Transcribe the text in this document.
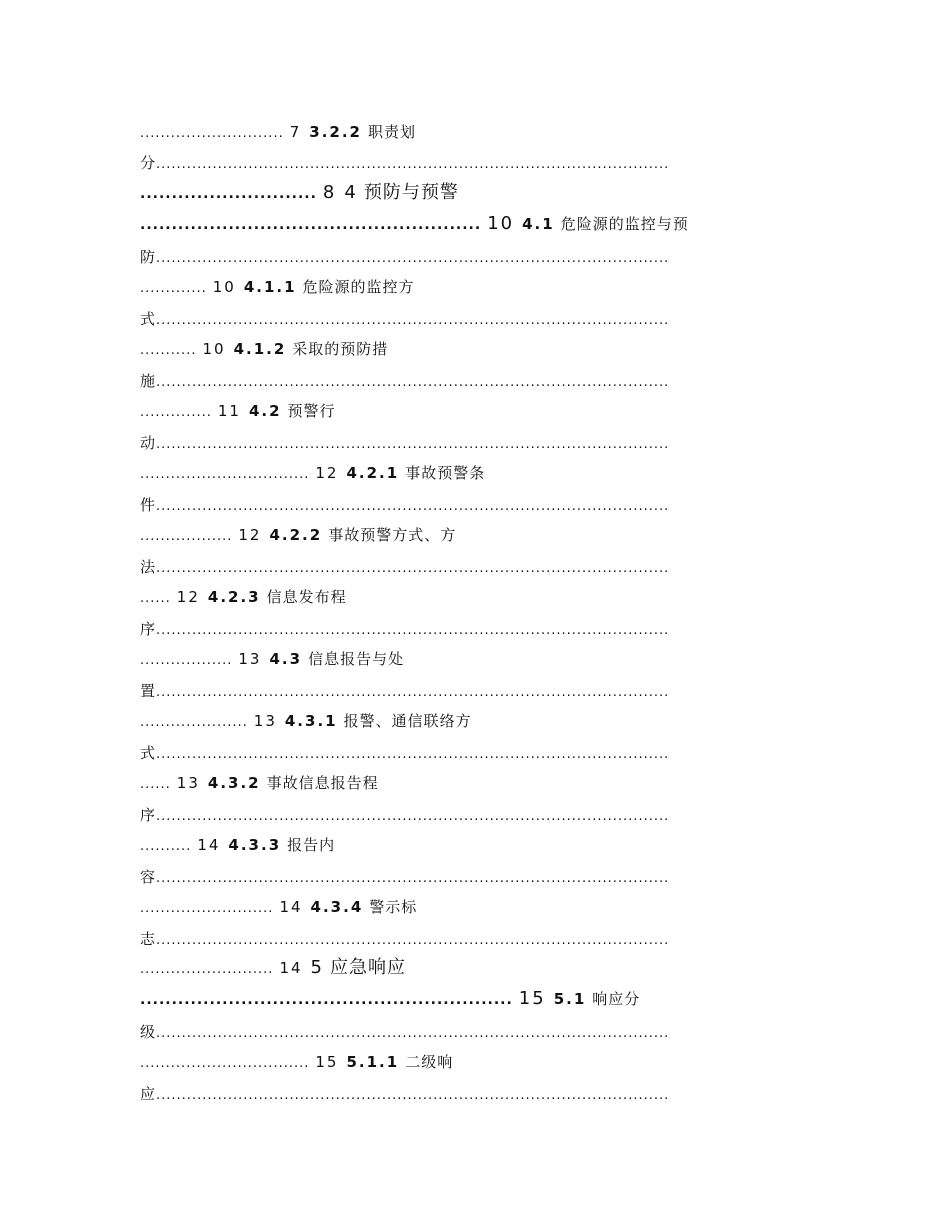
............................ 7 3.2.2 职责划
分....................................................................................................
............................ 8 4 预防与预警
...................................................... 10 4.1 危险源的监控与预
防....................................................................................................
............. 10 4.1.1 危险源的监控方
式....................................................................................................
........... 10 4.1.2 采取的预防措
施....................................................................................................
.............. 11 4.2 预警行
动....................................................................................................
................................. 12 4.2.1 事故预警条
件....................................................................................................
.................. 12 4.2.2 事故预警方式、方
法....................................................................................................
...... 12 4.2.3 信息发布程
序....................................................................................................
.................. 13 4.3 信息报告与处
置....................................................................................................
..................... 13 4.3.1 报警、通信联络方
式....................................................................................................
...... 13 4.3.2 事故信息报告程
序....................................................................................................
.......... 14 4.3.3 报告内
容....................................................................................................
.......................... 14 4.3.4 警示标
志....................................................................................................
.......................... 14 5 应急响应
........................................................... 15 5.1 响应分
级....................................................................................................
................................. 15 5.1.1 二级响
应....................................................................................................
